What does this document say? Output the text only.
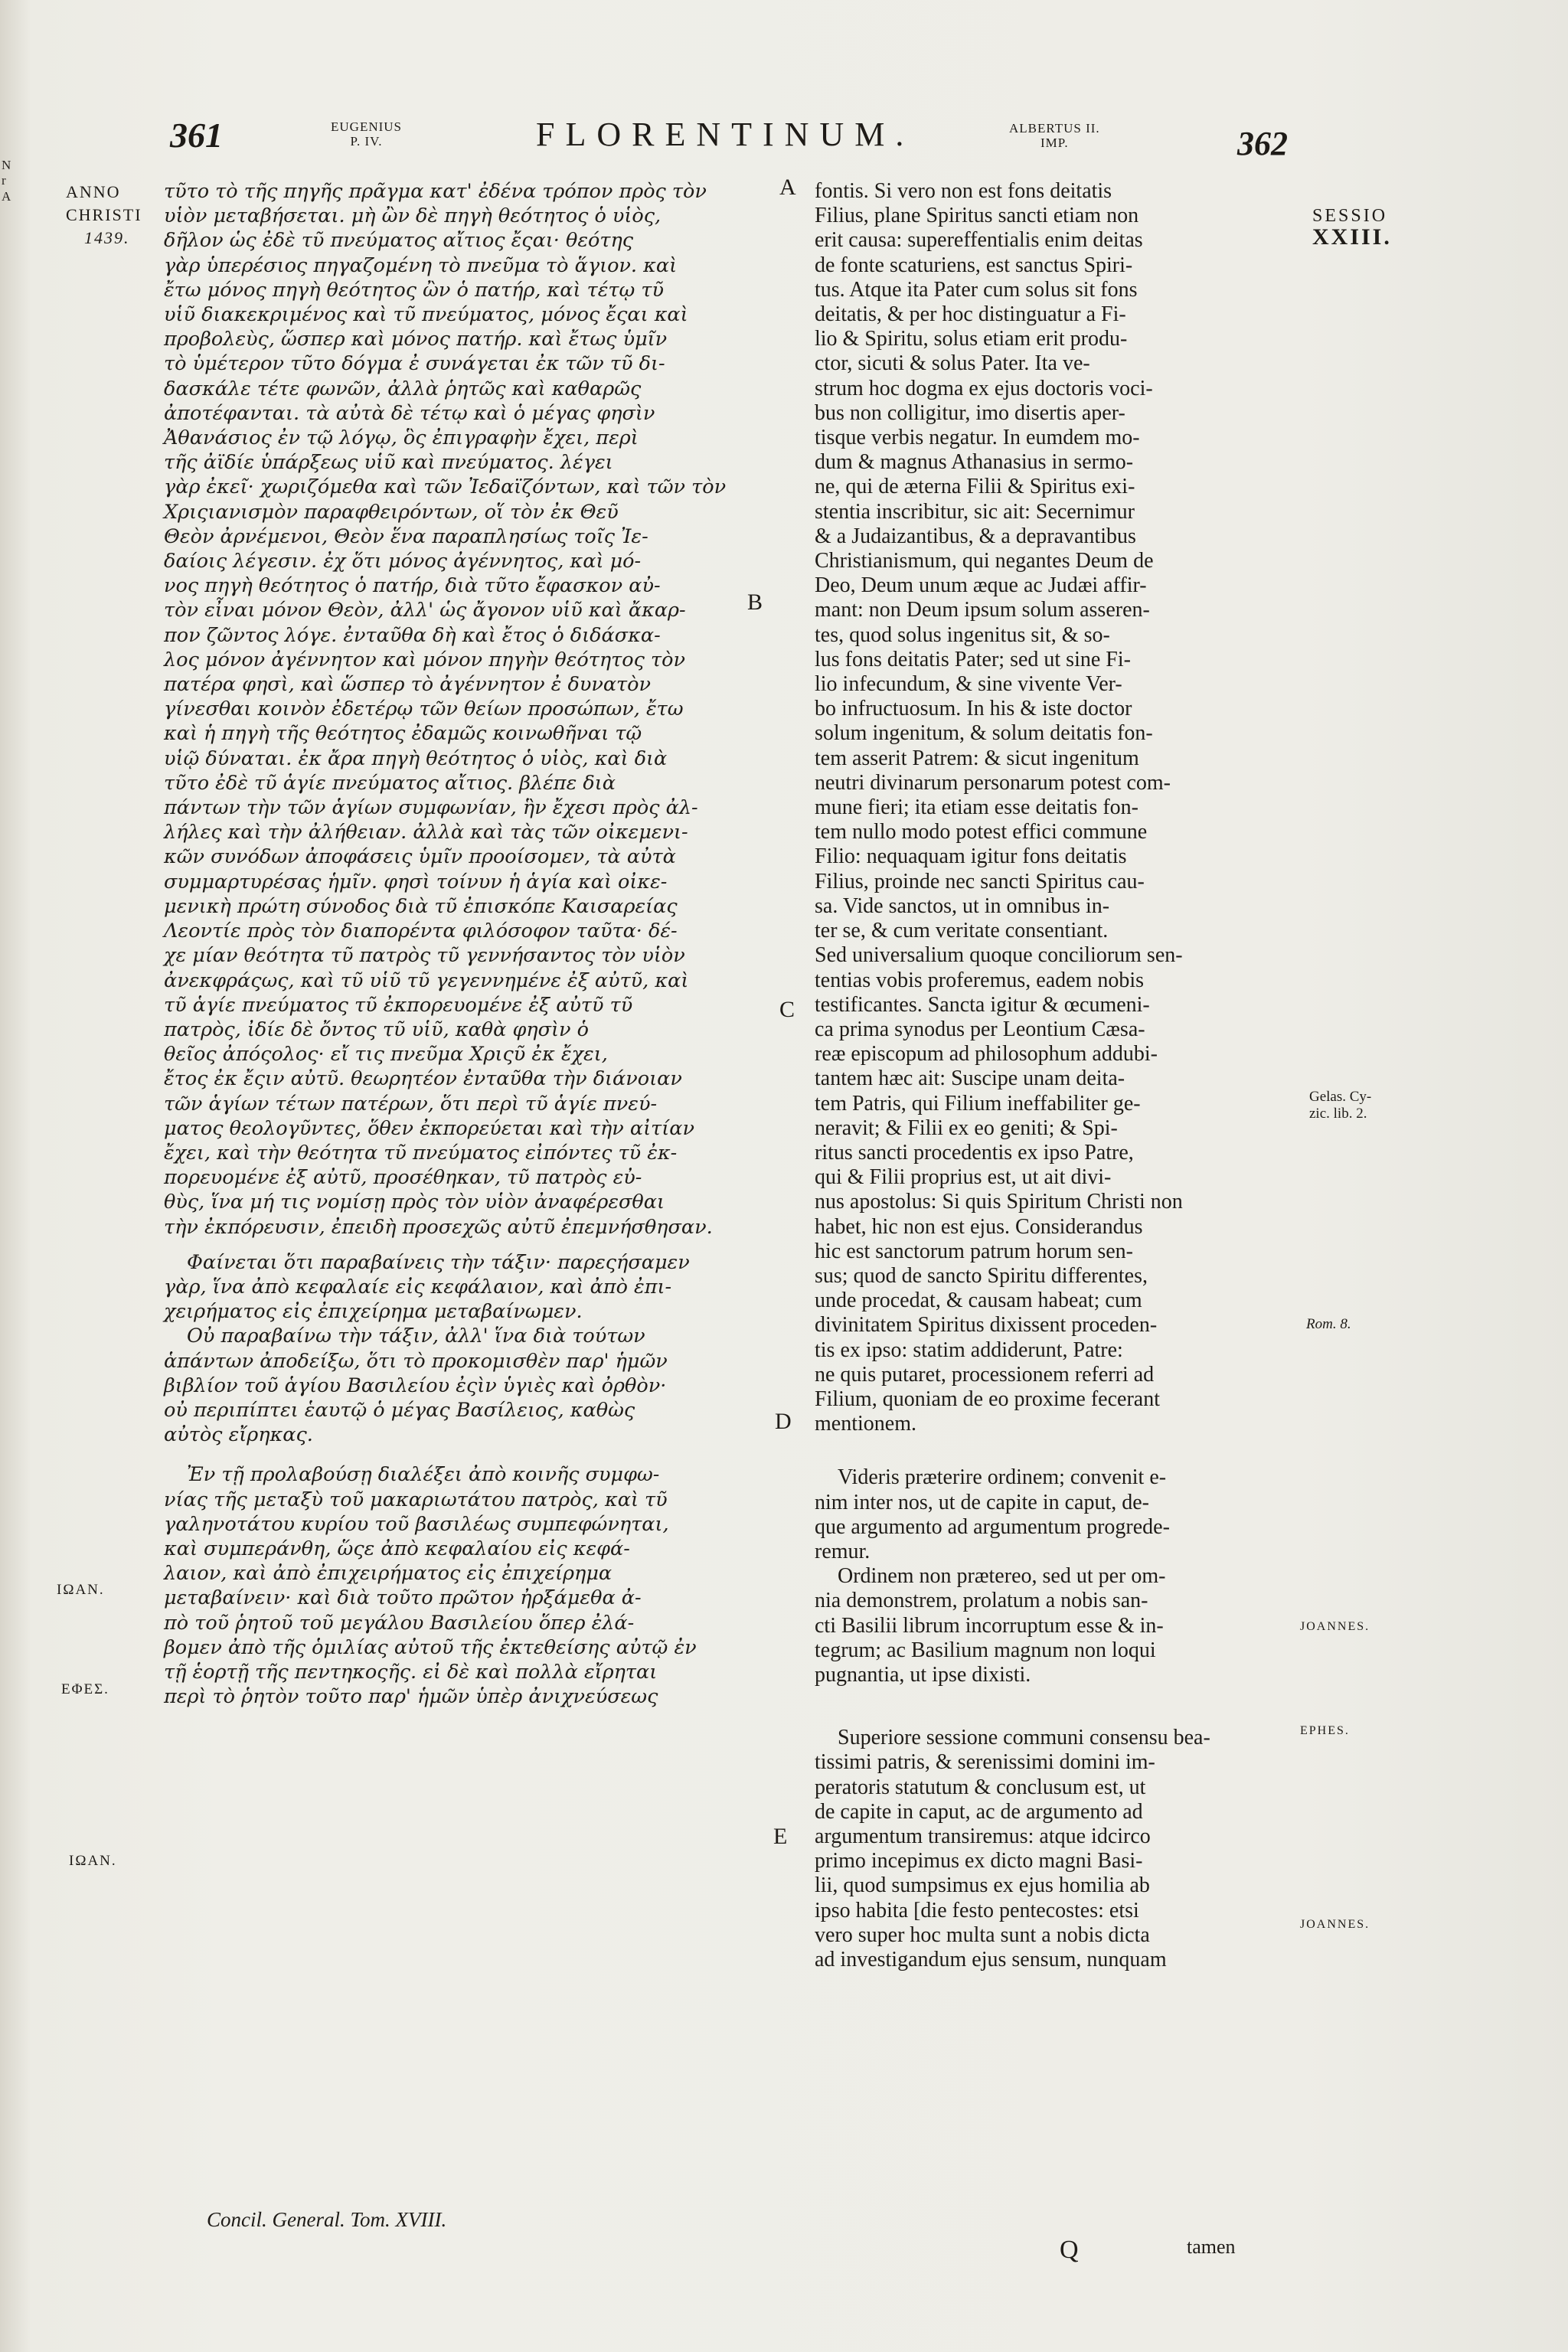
N
r
A
361	EUGENIUS
P. IV.	FLORENTINUM.	ALBERTUS II.
IMP.	362
ANNO
CHRISTI
1439.
ΙΩΑΝ.
ΕΦΕΣ.
ΙΩΑΝ.
τῦτο τὸ τῆς πηγῆς πρᾶγμα κατ' ἐδένα τρόπον πρὸς τὸν
υἱὸν μεταβήσεται. μὴ ὢν δὲ πηγὴ θεότητος ὁ υἱὸς,
δῆλον ὡς ἐδὲ τῦ πνεύματος αἴτιος ἔςαι· θεότης
γὰρ ὑπερέσιος πηγαζομένη τὸ πνεῦμα τὸ ἅγιον. καὶ
ἔτω μόνος πηγὴ θεότητος ὢν ὁ πατήρ, καὶ τέτῳ τῦ
υἱῦ διακεκριμένος καὶ τῦ πνεύματος, μόνος ἔςαι καὶ
προβολεὺς, ὥσπερ καὶ μόνος πατήρ. καὶ ἔτως ὑμῖν
τὸ ὑμέτερον τῦτο δόγμα ἐ συνάγεται ἐκ τῶν τῦ δι-
δασκάλε τέτε φωνῶν, ἀλλὰ ῥητῶς καὶ καθαρῶς
ἀποτέφανται. τὰ αὐτὰ δὲ τέτῳ καὶ ὁ μέγας φησὶν
Ἀθανάσιος ἐν τῷ λόγῳ, ὃς ἐπιγραφὴν ἔχει, περὶ
τῆς ἀϊδίε ὑπάρξεως υἱῦ καὶ πνεύματος. λέγει
γὰρ ἐκεῖ· χωριζόμεθα καὶ τῶν Ἰεδαϊζόντων, καὶ τῶν τὸν
Χριςιανισμὸν παραφθειρόντων, οἵ τὸν ἐκ Θεῦ
Θεὸν ἀρνέμενοι, Θεὸν ἕνα παραπλησίως τοῖς Ἰε-
δαίοις λέγεσιν. ἐχ ὅτι μόνος ἀγέννητος, καὶ μό-
νος πηγὴ θεότητος ὁ πατήρ, διὰ τῦτο ἔφασκον αὐ-
τὸν εἶναι μόνον Θεὸν, ἀλλ' ὡς ἄγονον υἱῦ καὶ ἄκαρ-
πον ζῶντος λόγε. ἐνταῦθα δὴ καὶ ἔτος ὁ διδάσκα-
λος μόνον ἀγέννητον καὶ μόνον πηγὴν θεότητος τὸν
πατέρα φησὶ, καὶ ὥσπερ τὸ ἀγέννητον ἐ δυνατὸν
γίνεσθαι κοινὸν ἐδετέρῳ τῶν θείων προσώπων, ἔτω
καὶ ἡ πηγὴ τῆς θεότητος ἐδαμῶς κοινωθῆναι τῷ
υἱῷ δύναται. ἐκ ἄρα πηγὴ θεότητος ὁ υἱὸς, καὶ διὰ
τῦτο ἐδὲ τῦ ἁγίε πνεύματος αἴτιος. βλέπε διὰ
πάντων τὴν τῶν ἁγίων συμφωνίαν, ἣν ἔχεσι πρὸς ἀλ-
λήλες καὶ τὴν ἀλήθειαν. ἀλλὰ καὶ τὰς τῶν οἰκεμενι-
κῶν συνόδων ἀποφάσεις ὑμῖν προοίσομεν, τὰ αὐτὰ
συμμαρτυρέσας ἡμῖν. φησὶ τοίνυν ἡ ἁγία καὶ οἰκε-
μενικὴ πρώτη σύνοδος διὰ τῦ ἐπισκόπε Καισαρείας
Λεοντίε πρὸς τὸν διαπορέντα φιλόσοφον ταῦτα· δέ-
χε μίαν θεότητα τῦ πατρὸς τῦ γεννήσαντος τὸν υἱὸν
ἀνεκφράςως, καὶ τῦ υἱῦ τῦ γεγεννημένε ἐξ αὐτῦ, καὶ
τῦ ἁγίε πνεύματος τῦ ἐκπορευομένε ἐξ αὐτῦ τῦ
πατρὸς, ἰδίε δὲ ὄντος τῦ υἱῦ, καθὰ φησὶν ὁ
θεῖος ἀπόςολος· εἴ τις πνεῦμα Χριςῦ ἐκ ἔχει,
ἔτος ἐκ ἔςιν αὐτῦ. θεωρητέον ἐνταῦθα τὴν διάνοιαν
τῶν ἁγίων τέτων πατέρων, ὅτι περὶ τῦ ἁγίε πνεύ-
ματος θεολογῦντες, ὅθεν ἐκπορεύεται καὶ τὴν αἰτίαν
ἔχει, καὶ τὴν θεότητα τῦ πνεύματος εἰπόντες τῦ ἐκ-
πορευομένε ἐξ αὐτῦ, προσέθηκαν, τῦ πατρὸς εὐ-
θὺς, ἵνα μή τις νομίσῃ πρὸς τὸν υἱὸν ἀναφέρεσθαι
τὴν ἐκπόρευσιν, ἐπειδὴ προσεχῶς αὐτῦ ἐπεμνήσθησαν.
Φαίνεται ὅτι παραβαίνεις τὴν τάξιν· παρεςήσαμεν
γὰρ, ἵνα ἀπὸ κεφαλαίε εἰς κεφάλαιον, καὶ ἀπὸ ἐπι-
χειρήματος εἰς ἐπιχείρημα μεταβαίνωμεν.
Οὐ παραβαίνω τὴν τάξιν, ἀλλ' ἵνα διὰ τούτων
ἁπάντων ἀποδείξω, ὅτι τὸ προκομισθὲν παρ' ἡμῶν
βιβλίον τοῦ ἁγίου Βασιλείου ἐςὶν ὑγιὲς καὶ ὀρθὸν·
οὐ περιπίπτει ἑαυτῷ ὁ μέγας Βασίλειος, καθὼς
αὐτὸς εἴρηκας.
Ἐν τῇ προλαβούσῃ διαλέξει ἀπὸ κοινῆς συμφω-
νίας τῆς μεταξὺ τοῦ μακαριωτάτου πατρὸς, καὶ τῦ
γαληνοτάτου κυρίου τοῦ βασιλέως συμπεφώνηται,
καὶ συμπεράνθη, ὥςε ἀπὸ κεφαλαίου εἰς κεφά-
λαιον, καὶ ἀπὸ ἐπιχειρήματος εἰς ἐπιχείρημα
μεταβαίνειν· καὶ διὰ τοῦτο πρῶτον ἠρξάμεθα ἀ-
πὸ τοῦ ῥητοῦ τοῦ μεγάλου Βασιλείου ὅπερ ἐλά-
βομεν ἀπὸ τῆς ὁμιλίας αὐτοῦ τῆς ἐκτεθείσης αὐτῷ ἐν
τῇ ἑορτῇ τῆς πεντηκοςῆς. εἰ δὲ καὶ πολλὰ εἴρηται
περὶ τὸ ῥητὸν τοῦτο παρ' ἡμῶν ὑπὲρ ἀνιχνεύσεως
A
B
C
D
E
fontis. Si vero non est fons deitatis
Filius, plane Spiritus sancti etiam non
erit causa: supereffentialis enim deitas
de fonte scaturiens, est sanctus Spiri-
tus. Atque ita Pater cum solus sit fons
deitatis, & per hoc distinguatur a Fi-
lio & Spiritu, solus etiam erit produ-
ctor, sicuti & solus Pater. Ita ve-
strum hoc dogma ex ejus doctoris voci-
bus non colligitur, imo disertis aper-
tisque verbis negatur. In eumdem mo-
dum & magnus Athanasius in sermo-
ne, qui de æterna Filii & Spiritus exi-
stentia inscribitur, sic ait: Secernimur
& a Judaizantibus, & a depravantibus
Christianismum, qui negantes Deum de
Deo, Deum unum æque ac Judæi affir-
mant: non Deum ipsum solum asseren-
tes, quod solus ingenitus sit, & so-
lus fons deitatis Pater; sed ut sine Fi-
lio infecundum, & sine vivente Ver-
bo infructuosum. In his & iste doctor
solum ingenitum, & solum deitatis fon-
tem asserit Patrem: & sicut ingenitum
neutri divinarum personarum potest com-
mune fieri; ita etiam esse deitatis fon-
tem nullo modo potest effici commune
Filio: nequaquam igitur fons deitatis
Filius, proinde nec sancti Spiritus cau-
sa. Vide sanctos, ut in omnibus in-
ter se, & cum veritate consentiant.
Sed universalium quoque conciliorum sen-
tentias vobis proferemus, eadem nobis
testificantes. Sancta igitur & œcumeni-
ca prima synodus per Leontium Cæsa-
reæ episcopum ad philosophum addubi-
tantem hæc ait: Suscipe unam deita-
tem Patris, qui Filium ineffabiliter ge-
neravit; & Filii ex eo geniti; & Spi-
ritus sancti procedentis ex ipso Patre,
qui & Filii proprius est, ut ait divi-
nus apostolus: Si quis Spiritum Christi non
habet, hic non est ejus. Considerandus
hic est sanctorum patrum horum sen-
sus; quod de sancto Spiritu differentes,
unde procedat, & causam habeat; cum
divinitatem Spiritus dixissent proceden-
tis ex ipso: statim addiderunt, Patre:
ne quis putaret, processionem referri ad
Filium, quoniam de eo proxime fecerant
mentionem.
Videris præterire ordinem; convenit e-
nim inter nos, ut de capite in caput, de-
que argumento ad argumentum progrede-
remur.
Ordinem non prætereo, sed ut per om-
nia demonstrem, prolatum a nobis san-
cti Basilii librum incorruptum esse & in-
tegrum; ac Basilium magnum non loqui
pugnantia, ut ipse dixisti.
Superiore sessione communi consensu bea-
tissimi patris, & serenissimi domini im-
peratoris statutum & conclusum est, ut
de capite in caput, ac de argumento ad
argumentum transiremus: atque idcirco
primo incepimus ex dicto magni Basi-
lii, quod sumpsimus ex ejus homilia ab
ipso habita [die festo pentecostes: etsi
vero super hoc multa sunt a nobis dicta
ad investigandum ejus sensum, nunquam
SESSIO
XXIII.
Gelas. Cy-
zic. lib. 2.
Rom. 8.
JOANNES.
EPHES.
JOANNES.
Concil. General. Tom. XVIII.
Q	tamen
